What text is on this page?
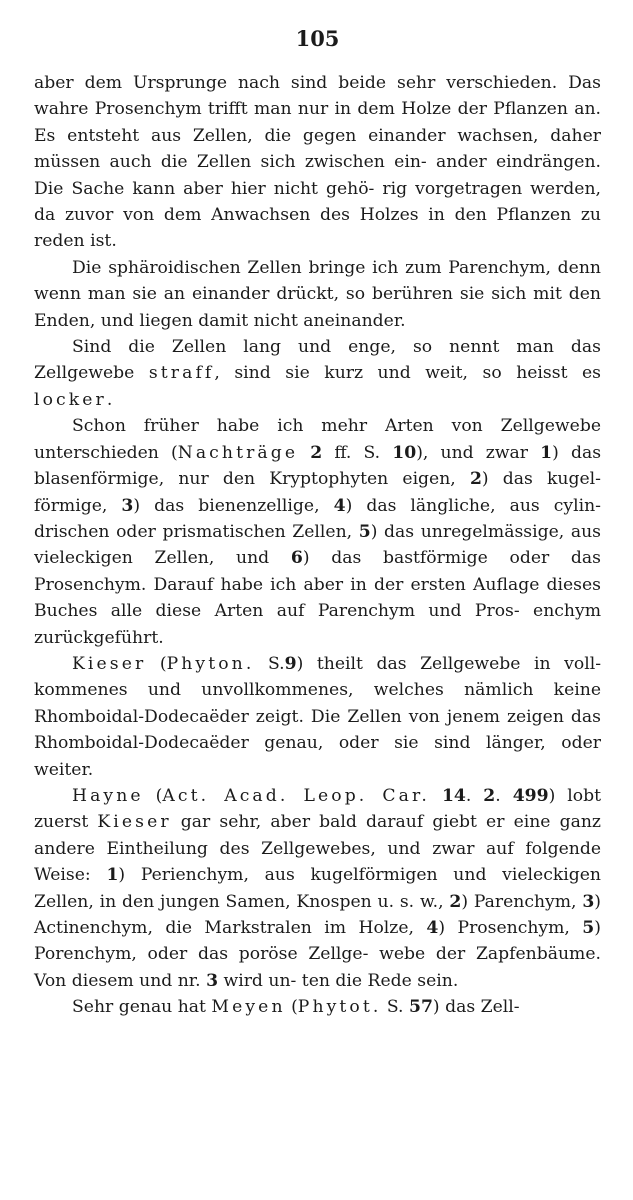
105

aber dem Ursprunge nach sind beide sehr verschieden. Das wahre Prosenchym trifft man nur in dem Holze der Pflanzen an. Es entsteht aus Zellen, die gegen einander wachsen, daher müssen auch die Zellen sich zwischen ein- ander eindrängen. Die Sache kann aber hier nicht gehö- rig vorgetragen werden, da zuvor von dem Anwachsen des Holzes in den Pflanzen zu reden ist.

Die sphäroidischen Zellen bringe ich zum Parenchym, denn wenn man sie an einander drückt, so berühren sie sich mit den Enden, und liegen damit nicht aneinander.

Sind die Zellen lang und enge, so nennt man das Zellgewebe straff, sind sie kurz und weit, so heisst es locker.

Schon früher habe ich mehr Arten von Zellgewebe unterschieden (Nachträge 2 ff. S. 10), und zwar 1) das blasenförmige, nur den Kryptophyten eigen, 2) das kugel- förmige, 3) das bienenzellige, 4) das längliche, aus cylin- drischen oder prismatischen Zellen, 5) das unregelmässige, aus vieleckigen Zellen, und 6) das bastförmige oder das Prosenchym. Darauf habe ich aber in der ersten Auflage dieses Buches alle diese Arten auf Parenchym und Pros- enchym zurückgeführt.

Kieser (Phyton. S.9) theilt das Zellgewebe in voll- kommenes und unvollkommenes, welches nämlich keine Rhomboidal-Dodecaëder zeigt. Die Zellen von jenem zeigen das Rhomboidal-Dodecaëder genau, oder sie sind länger, oder weiter.

Hayne (Act. Acad. Leop. Car. 14. 2. 499) lobt zuerst Kieser gar sehr, aber bald darauf giebt er eine ganz andere Eintheilung des Zellgewebes, und zwar auf folgende Weise: 1) Perienchym, aus kugelförmigen und vieleckigen Zellen, in den jungen Samen, Knospen u. s. w., 2) Parenchym, 3) Actinenchym, die Markstralen im Holze, 4) Prosenchym, 5) Porenchym, oder das poröse Zellge- webe der Zapfenbäume. Von diesem und nr. 3 wird un- ten die Rede sein.

Sehr genau hat Meyen (Phytot. S. 57) das Zell-
